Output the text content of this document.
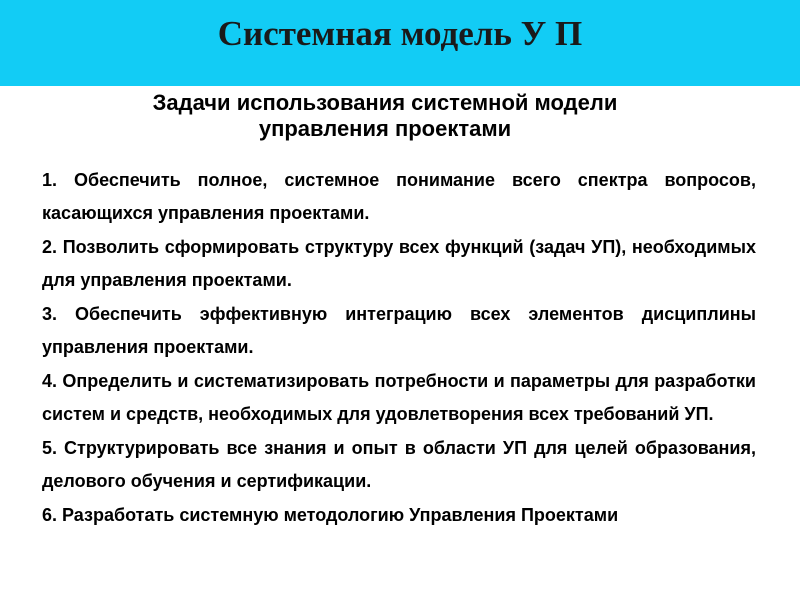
Системная модель У П
Задачи использования системной модели
управления проектами
1. Обеспечить полное, системное понимание всего спектра вопросов, касающихся управления проектами.
2. Позволить сформировать структуру всех функций (задач УП), необходимых для управления проектами.
3. Обеспечить эффективную интеграцию всех элементов дисциплины управления проектами.
4. Определить и систематизировать потребности и параметры для разработки систем и средств, необходимых для удовлетворения всех требований УП.
5. Структурировать все знания и опыт в области УП для целей образования, делового обучения и сертификации.
6. Разработать системную методологию Управления Проектами
